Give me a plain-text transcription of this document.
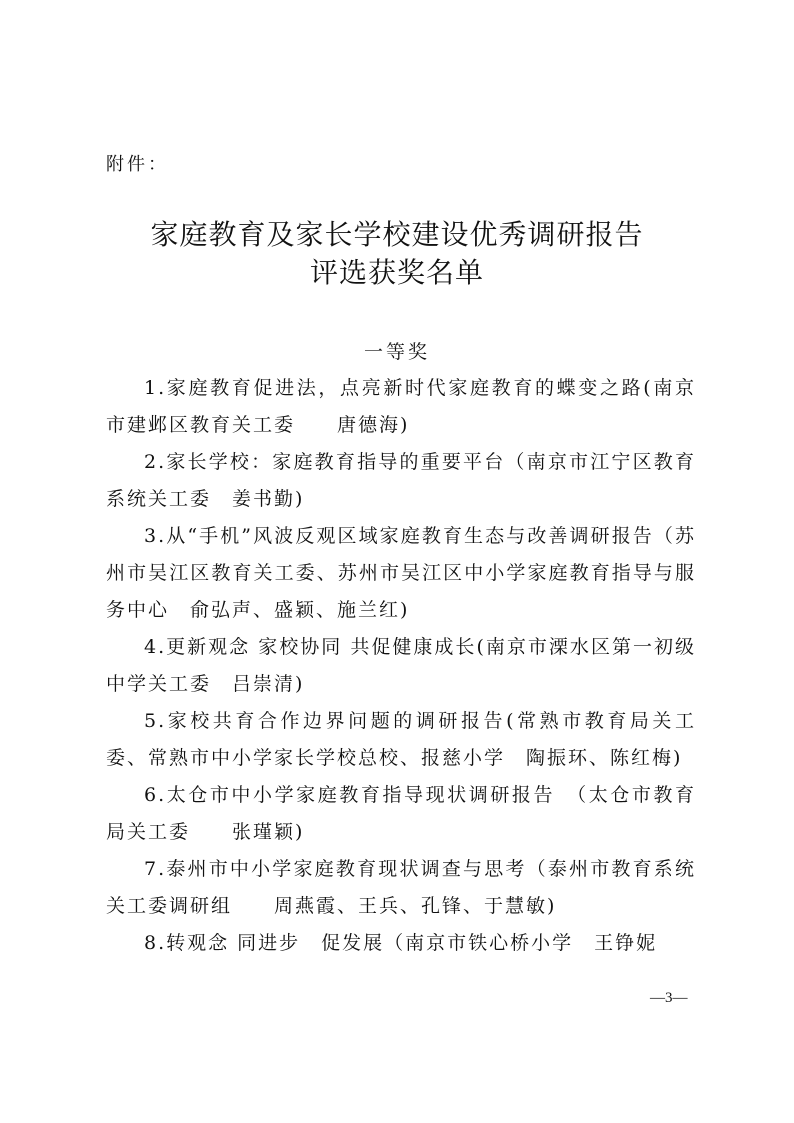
附件：
家庭教育及家长学校建设优秀调研报告
评选获奖名单
一等奖

1.家庭教育促进法，点亮新时代家庭教育的蝶变之路(南京市建邺区教育关工委　　唐德海)

2.家长学校：家庭教育指导的重要平台（南京市江宁区教育系统关工委　姜书勤)

3.从“手机”风波反观区域家庭教育生态与改善调研报告（苏州市吴江区教育关工委、苏州市吴江区中小学家庭教育指导与服务中心　俞弘声、盛颖、施兰红)

4.更新观念 家校协同 共促健康成长(南京市溧水区第一初级中学关工委　吕崇清)

5.家校共育合作边界问题的调研报告(常熟市教育局关工委、常熟市中小学家长学校总校、报慈小学　陶振环、陈红梅)

6.太仓市中小学家庭教育指导现状调研报告　（太仓市教育局关工委　　张瑾颖)

7.泰州市中小学家庭教育现状调查与思考（泰州市教育系统关工委调研组　　周燕霞、王兵、孔锋、于慧敏)

8.转观念 同进步　促发展（南京市铁心桥小学　王铮妮

—3—
